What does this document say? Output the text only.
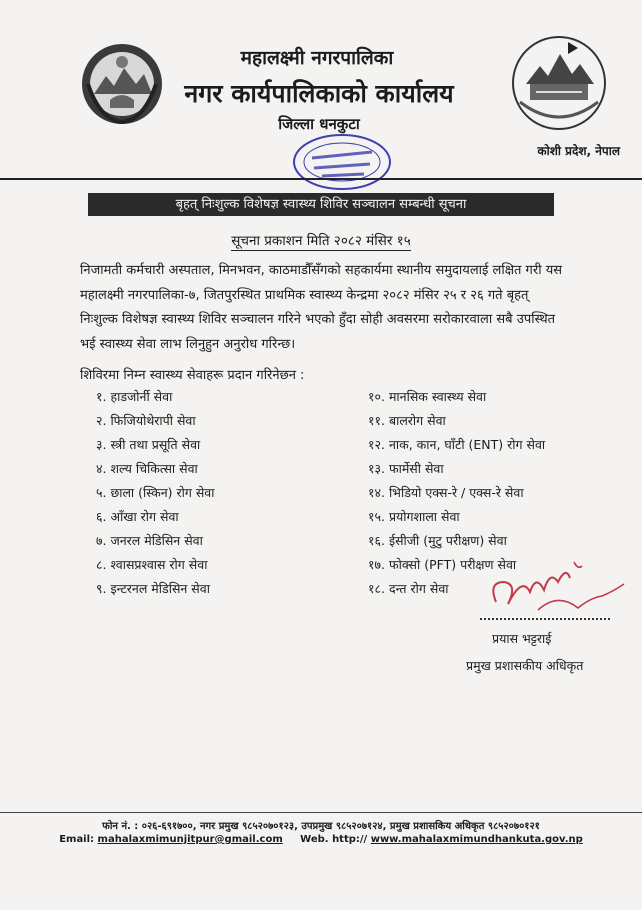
महालक्ष्मी नगरपालिका
नगर कार्यपालिकाको कार्यालय
जिल्ला धनकुटा
कोशी प्रदेश, नेपाल
बृहत् निःशुल्क विशेषज्ञ स्वास्थ्य शिविर सञ्चालन सम्बन्धी सूचना
सूचना प्रकाशन मिति २०८२ मंसिर १५
निजामती कर्मचारी अस्पताल, मिनभवन, काठमाडौँसँगको सहकार्यमा स्थानीय समुदायलाई लक्षित गरी यस
महालक्ष्मी नगरपालिका-७, जितपुरस्थित प्राथमिक स्वास्थ्य केन्द्रमा २०८२ मंसिर २५ र २६ गते बृहत्
निःशुल्क विशेषज्ञ स्वास्थ्य शिविर सञ्चालन गरिने भएको हुँदा सोही अवसरमा सरोकारवाला सबै उपस्थित
भई स्वास्थ्य सेवा लाभ लिनुहुन अनुरोध गरिन्छ।
शिविरमा निम्न स्वास्थ्य सेवाहरू प्रदान गरिनेछन :
१. हाडजोर्नी सेवा
२. फिजियोथेरापी सेवा
३. स्त्री तथा प्रसूति सेवा
४. शल्य चिकित्सा सेवा
५. छाला (स्किन) रोग सेवा
६. आँखा रोग सेवा
७. जनरल मेडिसिन सेवा
८. श्वासप्रश्वास रोग सेवा
९. इन्टरनल मेडिसिन सेवा
१०. मानसिक स्वास्थ्य सेवा
११. बालरोग सेवा
१२. नाक, कान, घाँटी (ENT) रोग सेवा
१३. फार्मेसी सेवा
१४. भिडियो एक्स-रे / एक्स-रे सेवा
१५. प्रयोगशाला सेवा
१६. ईसीजी (मुटु परीक्षण) सेवा
१७. फोक्सो (PFT) परीक्षण सेवा
१८. दन्त रोग सेवा
प्रयास भट्टराई
प्रमुख प्रशासकीय अधिकृत
फोन नं. : ०२६-६९१७००, नगर प्रमुख ९८५२०७०१२३, उपप्रमुख ९८५२०७१२४, प्रमुख प्रशासकिय अधिकृत ९८५२०७०१२१
Email: mahalaxmimunjitpur@gmail.com Web. http:// www.mahalaxmimundhankuta.gov.np
